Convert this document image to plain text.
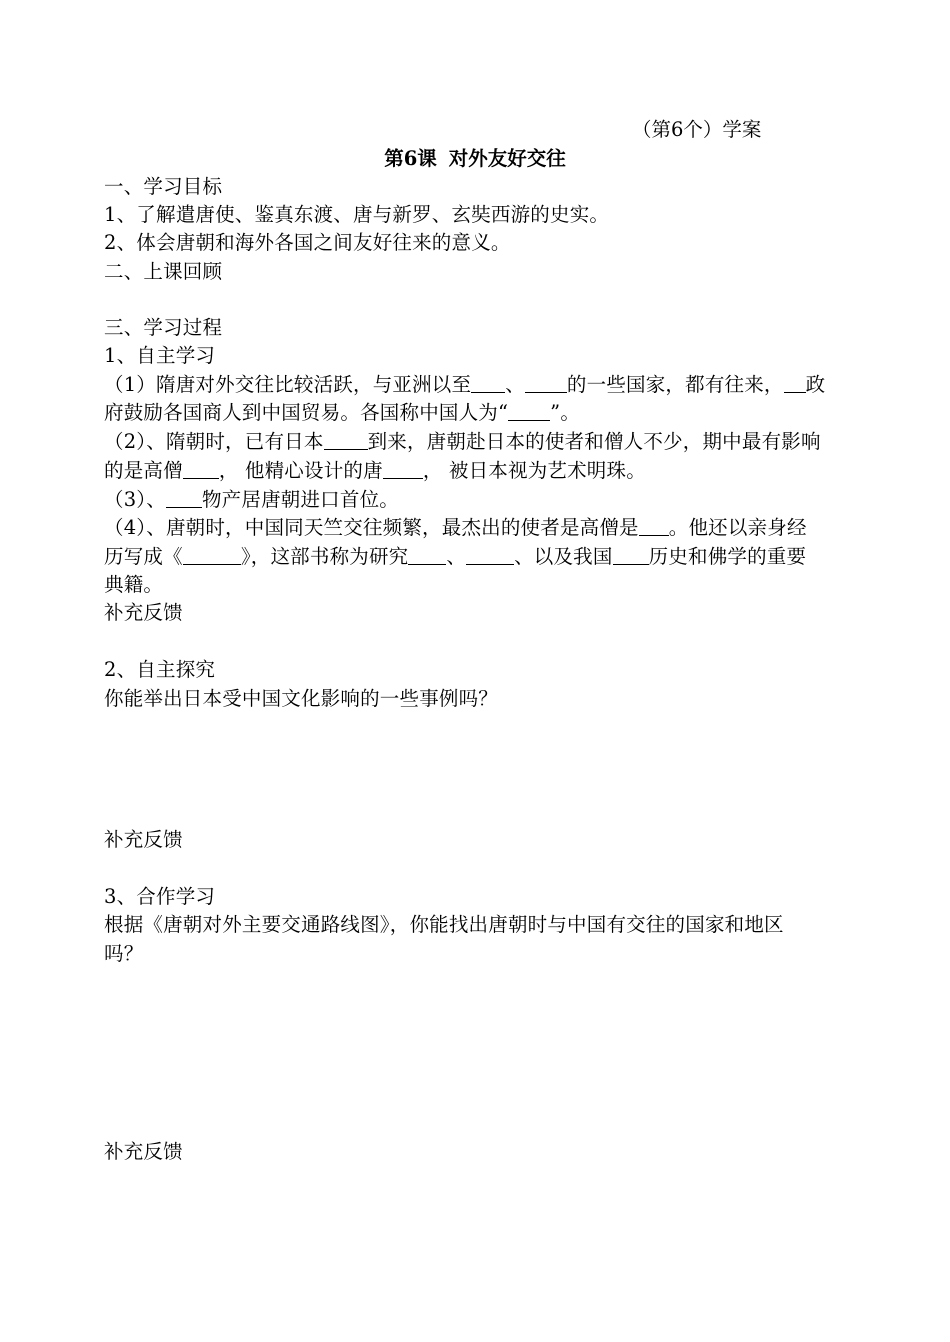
（第6个）学案
第6课 对外友好交往
一、学习目标
1、了解遣唐使、鉴真东渡、唐与新罗、玄奘西游的史实。
2、体会唐朝和海外各国之间友好往来的意义。
二、上课回顾
三、学习过程
1、自主学习
（1）隋唐对外交往比较活跃，与亚洲以至 、 的一些国家，都有往来， 政
府鼓励各国商人到中国贸易。各国称中国人为“ ”。
（2）、隋朝时，已有日本 到来，唐朝赴日本的使者和僧人不少，期中最有影响
的是高僧 ， 他精心设计的唐 ， 被日本视为艺术明珠。
（3）、 物产居唐朝进口首位。
（4）、唐朝时，中国同天竺交往频繁，最杰出的使者是高僧是 。他还以亲身经
历写成《	》，这部书称为研究 、 、以及我国 历史和佛学的重要
典籍。
补充反馈
2、自主探究
你能举出日本受中国文化影响的一些事例吗？
补充反馈
3、合作学习
根据《唐朝对外主要交通路线图》，你能找出唐朝时与中国有交往的国家和地区
吗？
补充反馈
